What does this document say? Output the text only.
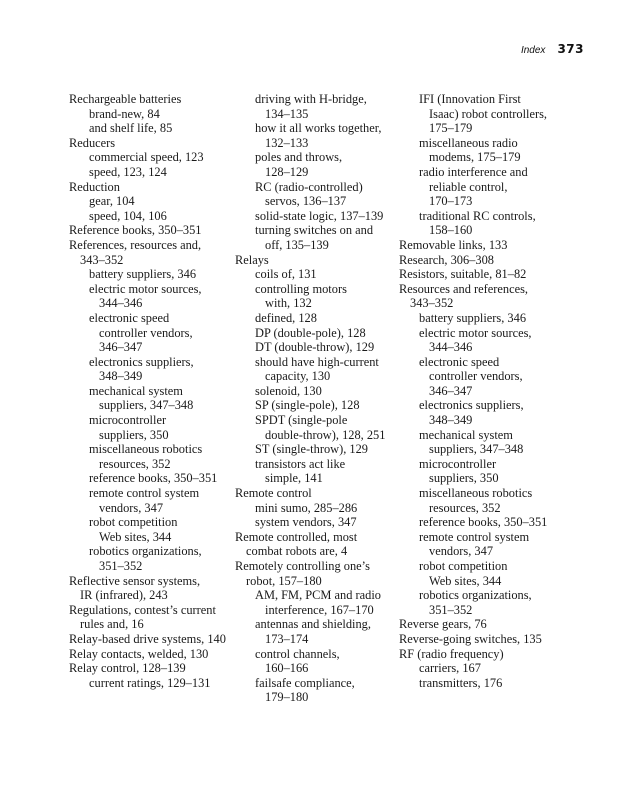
Index 373
Rechargeable batteries
brand-new, 84
and shelf life, 85
Reducers
commercial speed, 123
speed, 123, 124
Reduction
gear, 104
speed, 104, 106
Reference books, 350–351
References, resources and,
343–352
battery suppliers, 346
electric motor sources,
344–346
electronic speed
controller vendors,
346–347
electronics suppliers,
348–349
mechanical system
suppliers, 347–348
microcontroller
suppliers, 350
miscellaneous robotics
resources, 352
reference books, 350–351
remote control system
vendors, 347
robot competition
Web sites, 344
robotics organizations,
351–352
Reflective sensor systems,
IR (infrared), 243
Regulations, contest’s current
rules and, 16
Relay-based drive systems, 140
Relay contacts, welded, 130
Relay control, 128–139
current ratings, 129–131
driving with H-bridge,
134–135
how it all works together,
132–133
poles and throws,
128–129
RC (radio-controlled)
servos, 136–137
solid-state logic, 137–139
turning switches on and
off, 135–139
Relays
coils of, 131
controlling motors
with, 132
defined, 128
DP (double-pole), 128
DT (double-throw), 129
should have high-current
capacity, 130
solenoid, 130
SP (single-pole), 128
SPDT (single-pole
double-throw), 128, 251
ST (single-throw), 129
transistors act like
simple, 141
Remote control
mini sumo, 285–286
system vendors, 347
Remote controlled, most
combat robots are, 4
Remotely controlling one’s
robot, 157–180
AM, FM, PCM and radio
interference, 167–170
antennas and shielding,
173–174
control channels,
160–166
failsafe compliance,
179–180
IFI (Innovation First
Isaac) robot controllers,
175–179
miscellaneous radio
modems, 175–179
radio interference and
reliable control,
170–173
traditional RC controls,
158–160
Removable links, 133
Research, 306–308
Resistors, suitable, 81–82
Resources and references,
343–352
battery suppliers, 346
electric motor sources,
344–346
electronic speed
controller vendors,
346–347
electronics suppliers,
348–349
mechanical system
suppliers, 347–348
microcontroller
suppliers, 350
miscellaneous robotics
resources, 352
reference books, 350–351
remote control system
vendors, 347
robot competition
Web sites, 344
robotics organizations,
351–352
Reverse gears, 76
Reverse-going switches, 135
RF (radio frequency)
carriers, 167
transmitters, 176
